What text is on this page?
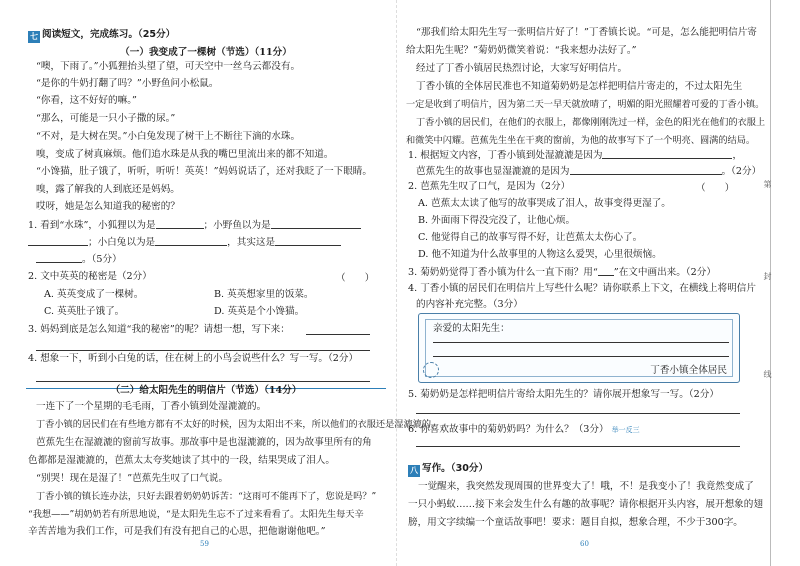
七 阅读短文，完成练习。（25分）
（一）我变成了一棵树（节选）（11分）
“噢，下雨了。”小狐狸抬头望了望，可天空中一丝乌云都没有。
“是你的牛奶打翻了吗？”小野鱼问小松鼠。
“你看，这不好好的嘛。”
“那么，可能是一只小子撒的尿。”
“不对，是大树在哭。”小白兔发现了树干上不断往下滴的水珠。
嗅，变成了树真麻烦。他们追水珠是从我的嘴巴里流出来的都不知道。
“小馋猫，肚子饿了，听听，听听！英英！”妈妈说话了，还对我眨了一下眼睛。
嗅，露了解我的人到底还是妈妈。
哎呀，她是怎么知道我的秘密的？
1. 看到“水珠”，小狐狸以为是	；小野鱼以为是
；小白兔以为是	，其实这是
。（5分）
2. 文中英英的秘密是（2分）	（　　）
A. 英英变成了一棵树。	B. 英英想家里的饭菜。
C. 英英肚子饿了。	D. 英英是个小馋猫。
3. 妈妈到底是怎么知道“我的秘密”的呢？请想一想，写下来：
4. 想象一下，听到小白兔的话，住在树上的小鸟会说些什么？写一写。（2分）
（二）给太阳先生的明信片（节选）（14分）
一连下了一个星期的毛毛雨，丁香小镇到处湿漉漉的。
丁香小镇的居民们在有些地方都有不太好的时候，因为太阳出不来，所以他们的衣服还是湿漉漉的。
芭蕉先生在湿漉漉的窗前写故事。那故事中是也湿漉漉的，因为故事里所有的角
色都都是湿漉漉的，芭蕉太太夸奖她读了其中的一段，结果哭成了泪人。
“别哭！现在是湿了！”芭蕉先生叹了口气说。
丁香小镇的镇长连办法，只好去跟着奶奶奶诉苦：“这雨可不能再下了，您说是吗？”
“我想——”胡奶奶若有所思地说，“是太阳先生忘不了过来看看了。太阳先生每天辛
辛苦苦地为我们工作，可是我们有没有把自己的心思，把他谢谢他吧。”
59
“那我们给太阳先生写一张明信片好了！”丁香镇长说。“可是，怎么能把明信片寄
给太阳先生呢？”菊奶奶微笑着说：“我来想办法好了。”
经过了丁香小镇居民热烈讨论，大家写好明信片。
丁香小镇的全体居民准也不知道菊奶奶是怎样把明信片寄走的，不过太阳先生
一定是收到了明信片，因为第二天一早天就放晴了，明媚的阳光照耀着可爱的丁香小镇。
丁香小镇的居民们，在他们的衣服上，都像刚刚洗过一样，金色的阳光在他们的衣服上
和微笑中闪耀。芭蕉先生坐在干爽的窗前，为他的故事写下了一个明亮、圆满的结局。
1. 根据短文内容，丁香小镇到处湿漉漉是因为	，
芭蕉先生的故事也显湿漉漉的是因为	。（2分）
2. 芭蕉先生叹了口气，是因为（2分）	（　　）
A. 芭蕉太太读了他写的故事哭成了泪人，故事变得更湿了。
B. 外面雨下得没完没了，让他心烦。
C. 他觉得自己的故事写得不好，让芭蕉太太伤心了。
D. 他不知道为什么故事里的人物这么爱哭，心里很烦恼。
3. 菊奶奶觉得丁香小镇为什么一直下雨？用“ ”在文中画出来。（2分）
4. 丁香小镇的居民们在明信片上写些什么呢？请你联系上下文，在横线上将明信片
的内容补充完整。（3分）
亲爱的太阳先生：
丁香小镇全体居民
5. 菊奶奶是怎样把明信片寄给太阳先生的？请你展开想象写一写。（2分）
6. 你喜欢故事中的菊奶奶吗？为什么？（3分） 举一反三
八 写作。（30分）
一觉醒来，我突然发现周围的世界变大了！哦，不！是我变小了！我竟然变成了
一只小蚂蚁……接下来会发生什么有趣的故事呢？请你根据开头内容，展开想象的翅
膀，用文字续编一个童话故事吧！要求：题目自拟，想象合理，不少于300字。
60
第
封
线
